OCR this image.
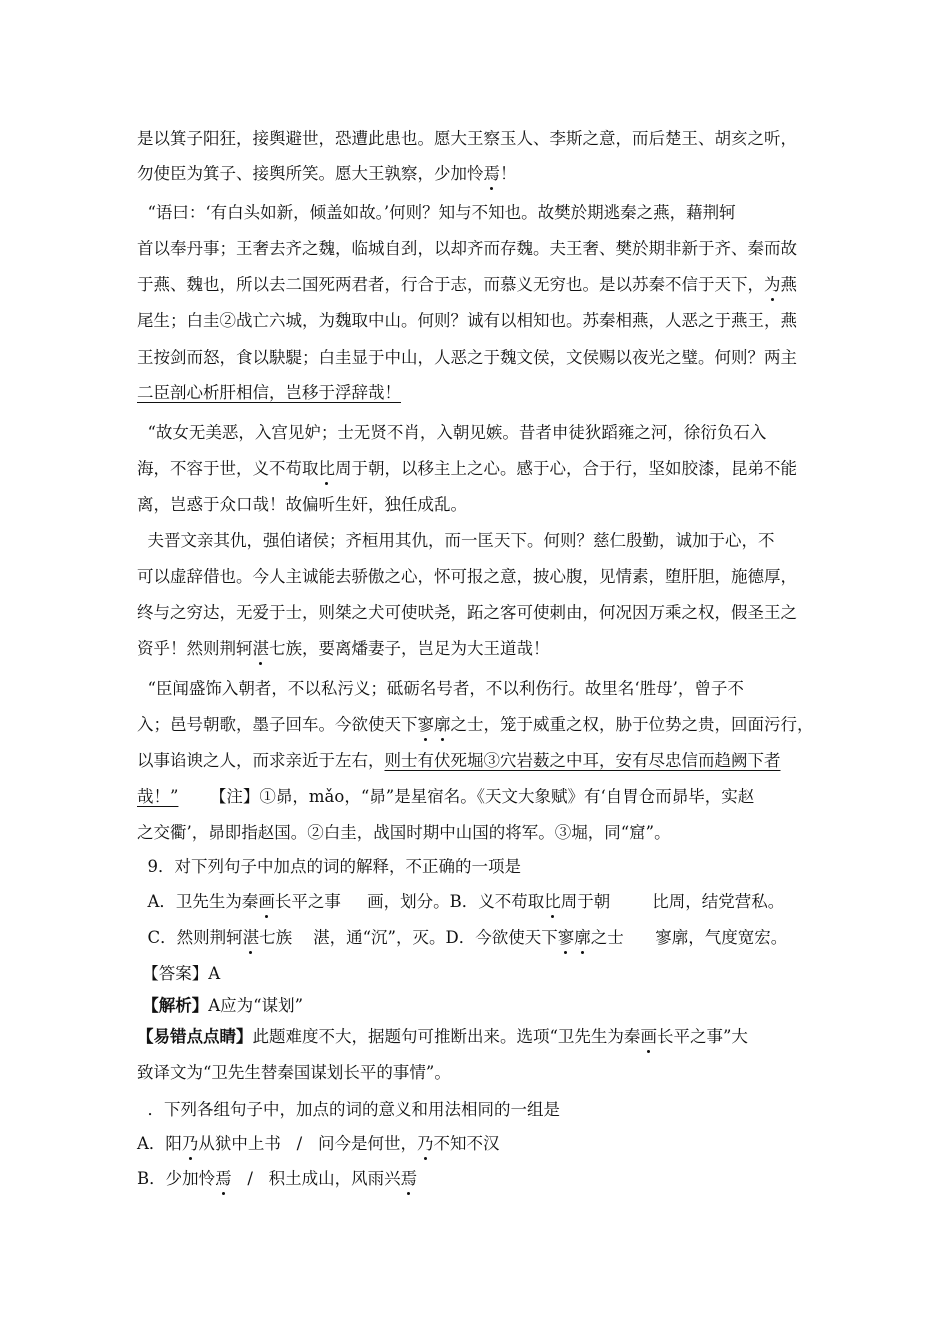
是以箕子阳狂，接舆避世，恐遭此患也。愿大王察玉人、李斯之意，而后楚王、胡亥之听，
勿使臣为箕子、接舆所笑。愿大王孰察，少加怜焉！
“语曰：‘有白头如新，倾盖如故。’何则？知与不知也。故樊於期逃秦之燕，藉荆轲
首以奉丹事；王奢去齐之魏，临城自刭，以却齐而存魏。夫王奢、樊於期非新于齐、秦而故
于燕、魏也，所以去二国死两君者，行合于志，而慕义无穷也。是以苏秦不信于天下，为燕
尾生；白圭②战亡六城，为魏取中山。何则？诚有以相知也。苏秦相燕，人恶之于燕王，燕
王按剑而怒，食以駃騠；白圭显于中山，人恶之于魏文侯，文侯赐以夜光之璧。何则？两主
二臣剖心析肝相信，岂移于浮辞哉！
“故女无美恶，入宫见妒；士无贤不肖，入朝见嫉。昔者申徒狄蹈雍之河，徐衍负石入
海，不容于世，义不苟取比周于朝，以移主上之心。感于心，合于行，坚如胶漆，昆弟不能
离，岂惑于众口哉！故偏听生奸，独任成乱。
夫晋文亲其仇，强伯诸侯；齐桓用其仇，而一匡天下。何则？慈仁殷勤，诚加于心，不
可以虚辞借也。今人主诚能去骄傲之心，怀可报之意，披心腹，见情素，堕肝胆，施德厚，
终与之穷达，无爱于士，则桀之犬可使吠尧，跖之客可使刺由，何况因万乘之权，假圣王之
资乎！然则荆轲湛七族，要离燔妻子，岂足为大王道哉！
“臣闻盛饰入朝者，不以私污义；砥砺名号者，不以利伤行。故里名‘胜母’，曾子不
入；邑号朝歌，墨子回车。今欲使天下寥廓之士，笼于威重之权，胁于位势之贵，回面污行，
以事谄谀之人，而求亲近于左右，则士有伏死堀③穴岩薮之中耳，安有尽忠信而趋阙下者
哉！”      【注】①昴，mǎo，“昴”是星宿名。《天文大象赋》有‘自胃仓而昴毕，实赵
之交衢’，昴即指赵国。②白圭，战国时期中山国的将军。③堀，同“窟”。
9．对下列句子中加点的词的解释，不正确的一项是
A．卫先生为秦画长平之事     画，划分。B．义不苟取比周于朝        比周，结党营私。
C．然则荆轲湛七族    湛，通“沉”，灭。D．今欲使天下寥廓之士      寥廓，气度宽宏。
【答案】A
【解析】A应为“谋划”
【易错点点睛】此题难度不大，据题句可推断出来。选项“卫先生为秦画长平之事”大
致译文为“卫先生替秦国谋划长平的事情”。
．下列各组句子中，加点的词的意义和用法相同的一组是
A．阳乃从狱中上书   /   问今是何世，乃不知不汉
B．少加怜焉   /   积土成山，风雨兴焉
